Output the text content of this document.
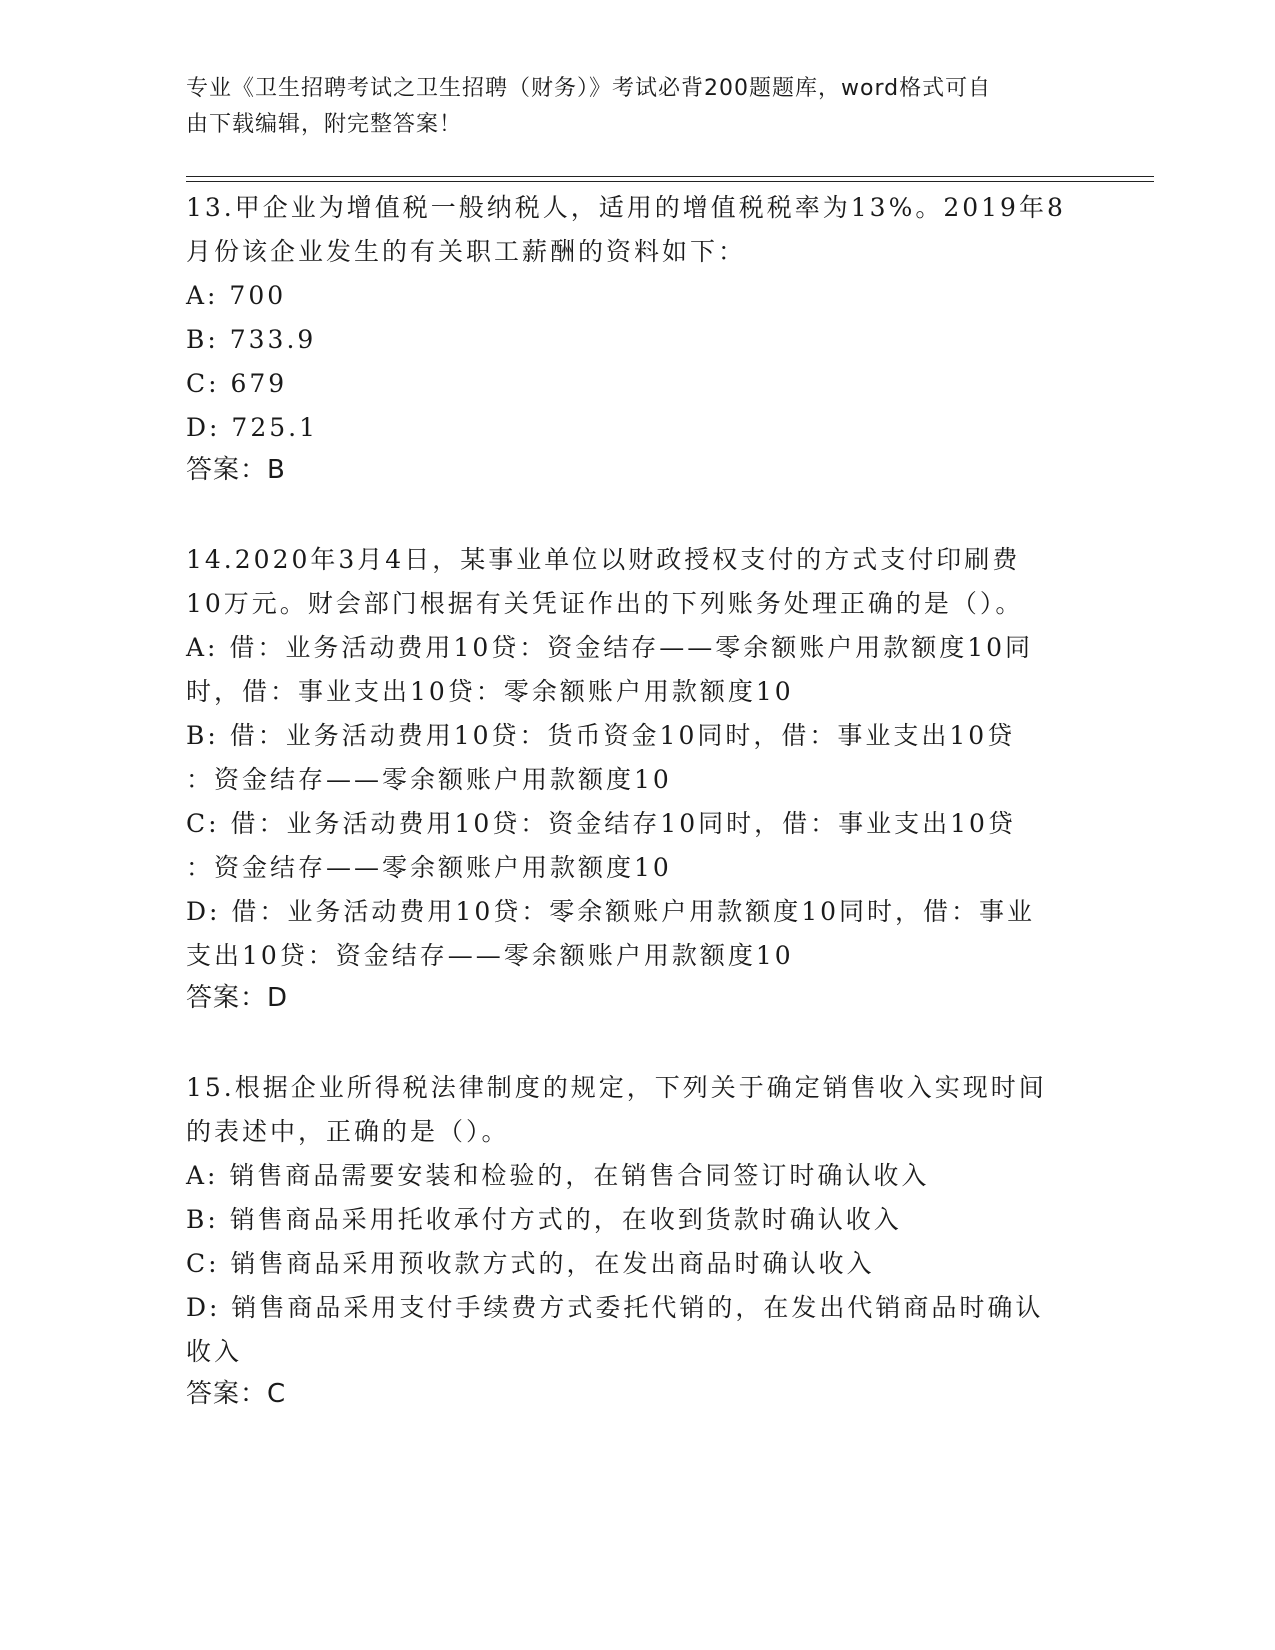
专业《卫生招聘考试之卫生招聘（财务）》考试必背200题题库，word格式可自
由下载编辑，附完整答案！
13.甲企业为增值税一般纳税人，适用的增值税税率为13%。2019年8
月份该企业发生的有关职工薪酬的资料如下：
A: 700
B: 733.9
C: 679
D: 725.1
答案：B
14.2020年3月4日，某事业单位以财政授权支付的方式支付印刷费
10万元。财会部门根据有关凭证作出的下列账务处理正确的是（）。
A: 借：业务活动费用10贷：资金结存——零余额账户用款额度10同
时，借：事业支出10贷：零余额账户用款额度10
B: 借：业务活动费用10贷：货币资金10同时，借：事业支出10贷
：资金结存——零余额账户用款额度10
C: 借：业务活动费用10贷：资金结存10同时，借：事业支出10贷
：资金结存——零余额账户用款额度10
D: 借：业务活动费用10贷：零余额账户用款额度10同时，借：事业
支出10贷：资金结存——零余额账户用款额度10
答案：D
15.根据企业所得税法律制度的规定，下列关于确定销售收入实现时间
的表述中，正确的是（）。
A: 销售商品需要安装和检验的，在销售合同签订时确认收入
B: 销售商品采用托收承付方式的，在收到货款时确认收入
C: 销售商品采用预收款方式的，在发出商品时确认收入
D: 销售商品采用支付手续费方式委托代销的，在发出代销商品时确认
收入
答案：C
